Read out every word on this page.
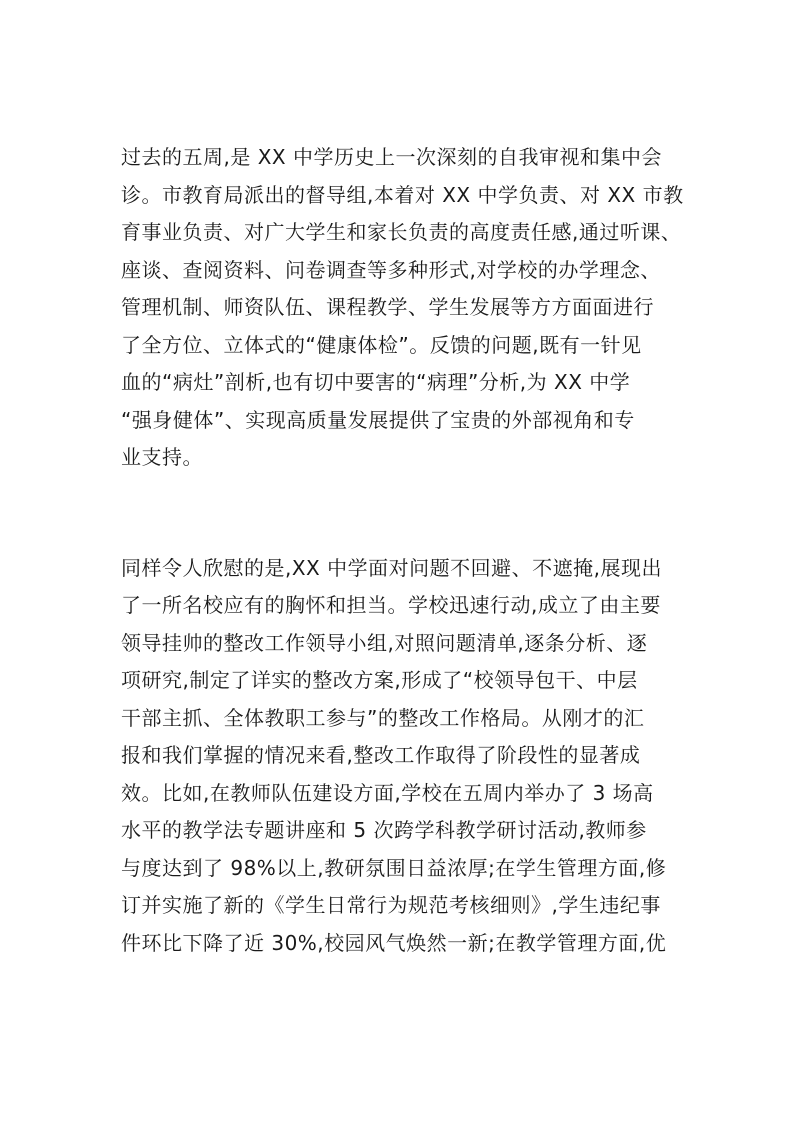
过去的五周,是 XX 中学历史上一次深刻的自我审视和集中会
诊。市教育局派出的督导组,本着对 XX 中学负责、对 XX 市教
育事业负责、对广大学生和家长负责的高度责任感,通过听课、
座谈、查阅资料、问卷调查等多种形式,对学校的办学理念、
管理机制、师资队伍、课程教学、学生发展等方方面面进行
了全方位、立体式的“健康体检”。反馈的问题,既有一针见
血的“病灶”剖析,也有切中要害的“病理”分析,为 XX 中学
“强身健体”、实现高质量发展提供了宝贵的外部视角和专
业支持。
同样令人欣慰的是,XX 中学面对问题不回避、不遮掩,展现出
了一所名校应有的胸怀和担当。学校迅速行动,成立了由主要
领导挂帅的整改工作领导小组,对照问题清单,逐条分析、逐
项研究,制定了详实的整改方案,形成了“校领导包干、中层
干部主抓、全体教职工参与”的整改工作格局。从刚才的汇
报和我们掌握的情况来看,整改工作取得了阶段性的显著成
效。比如,在教师队伍建设方面,学校在五周内举办了 3 场高
水平的教学法专题讲座和 5 次跨学科教学研讨活动,教师参
与度达到了 98%以上,教研氛围日益浓厚;在学生管理方面,修
订并实施了新的《学生日常行为规范考核细则》,学生违纪事
件环比下降了近 30%,校园风气焕然一新;在教学管理方面,优
